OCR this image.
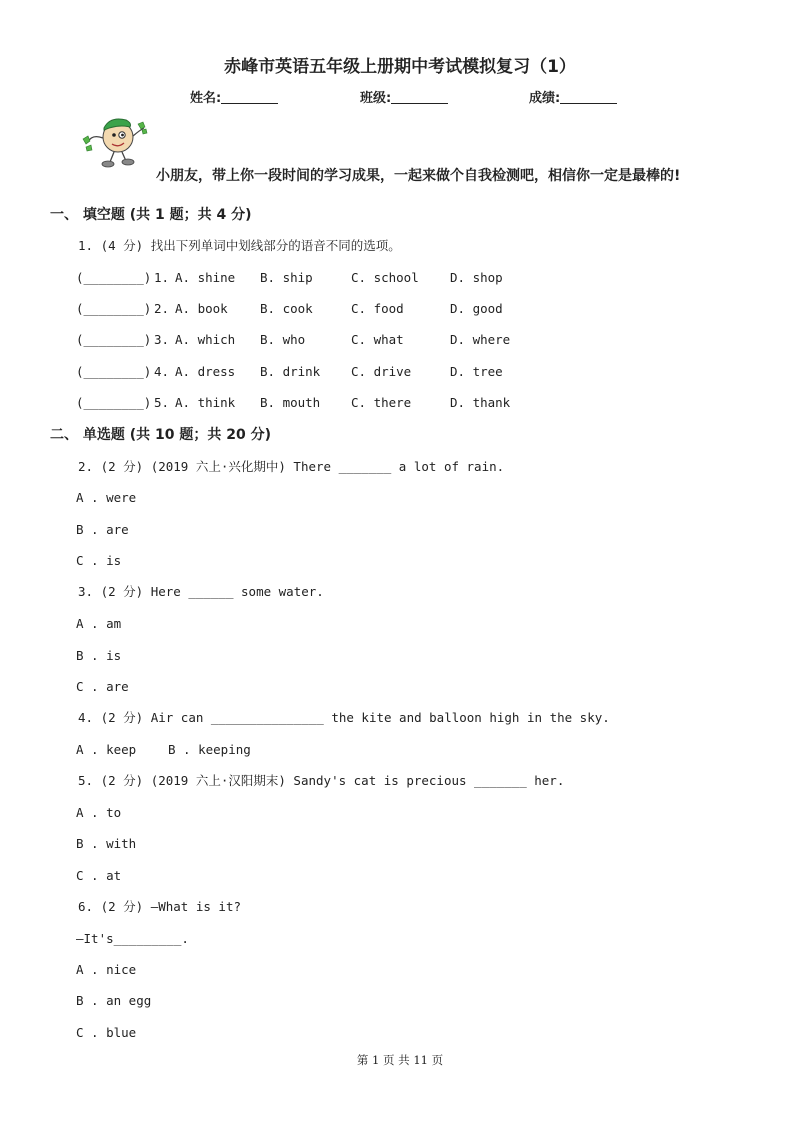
赤峰市英语五年级上册期中考试模拟复习（1）
姓名:	班级:	成绩:
小朋友，带上你一段时间的学习成果，一起来做个自我检测吧，相信你一定是最棒的!
一、 填空题 (共 1 题；共 4 分)
1. (4 分) 找出下列单词中划线部分的语音不同的选项。
(________) 1. A. shine B. ship	C. school	D. shop
(________) 2. A. book	B. cook	C. food	D. good
(________) 3. A. which B. who	C. what	D. where
(________) 4. A. dress B. drink C. drive	D. tree
(________) 5. A. think B. mouth C. there	D. thank
二、 单选题 (共 10 题；共 20 分)
2. (2 分) (2019 六上·兴化期中) There _______ a lot of rain.
A . were
B . are
C . is
3. (2 分) Here ______ some water.
A . am
B . is
C . are
4. (2 分) Air can _______________ the kite and balloon high in the sky.
A . keep	B . keeping
5. (2 分) (2019 六上·汉阳期末) Sandy's cat is precious _______ her.
A . to
B . with
C . at
6. (2 分) —What is it?
—It's_________.
A . nice
B . an egg
C . blue
第 1 页 共 11 页
